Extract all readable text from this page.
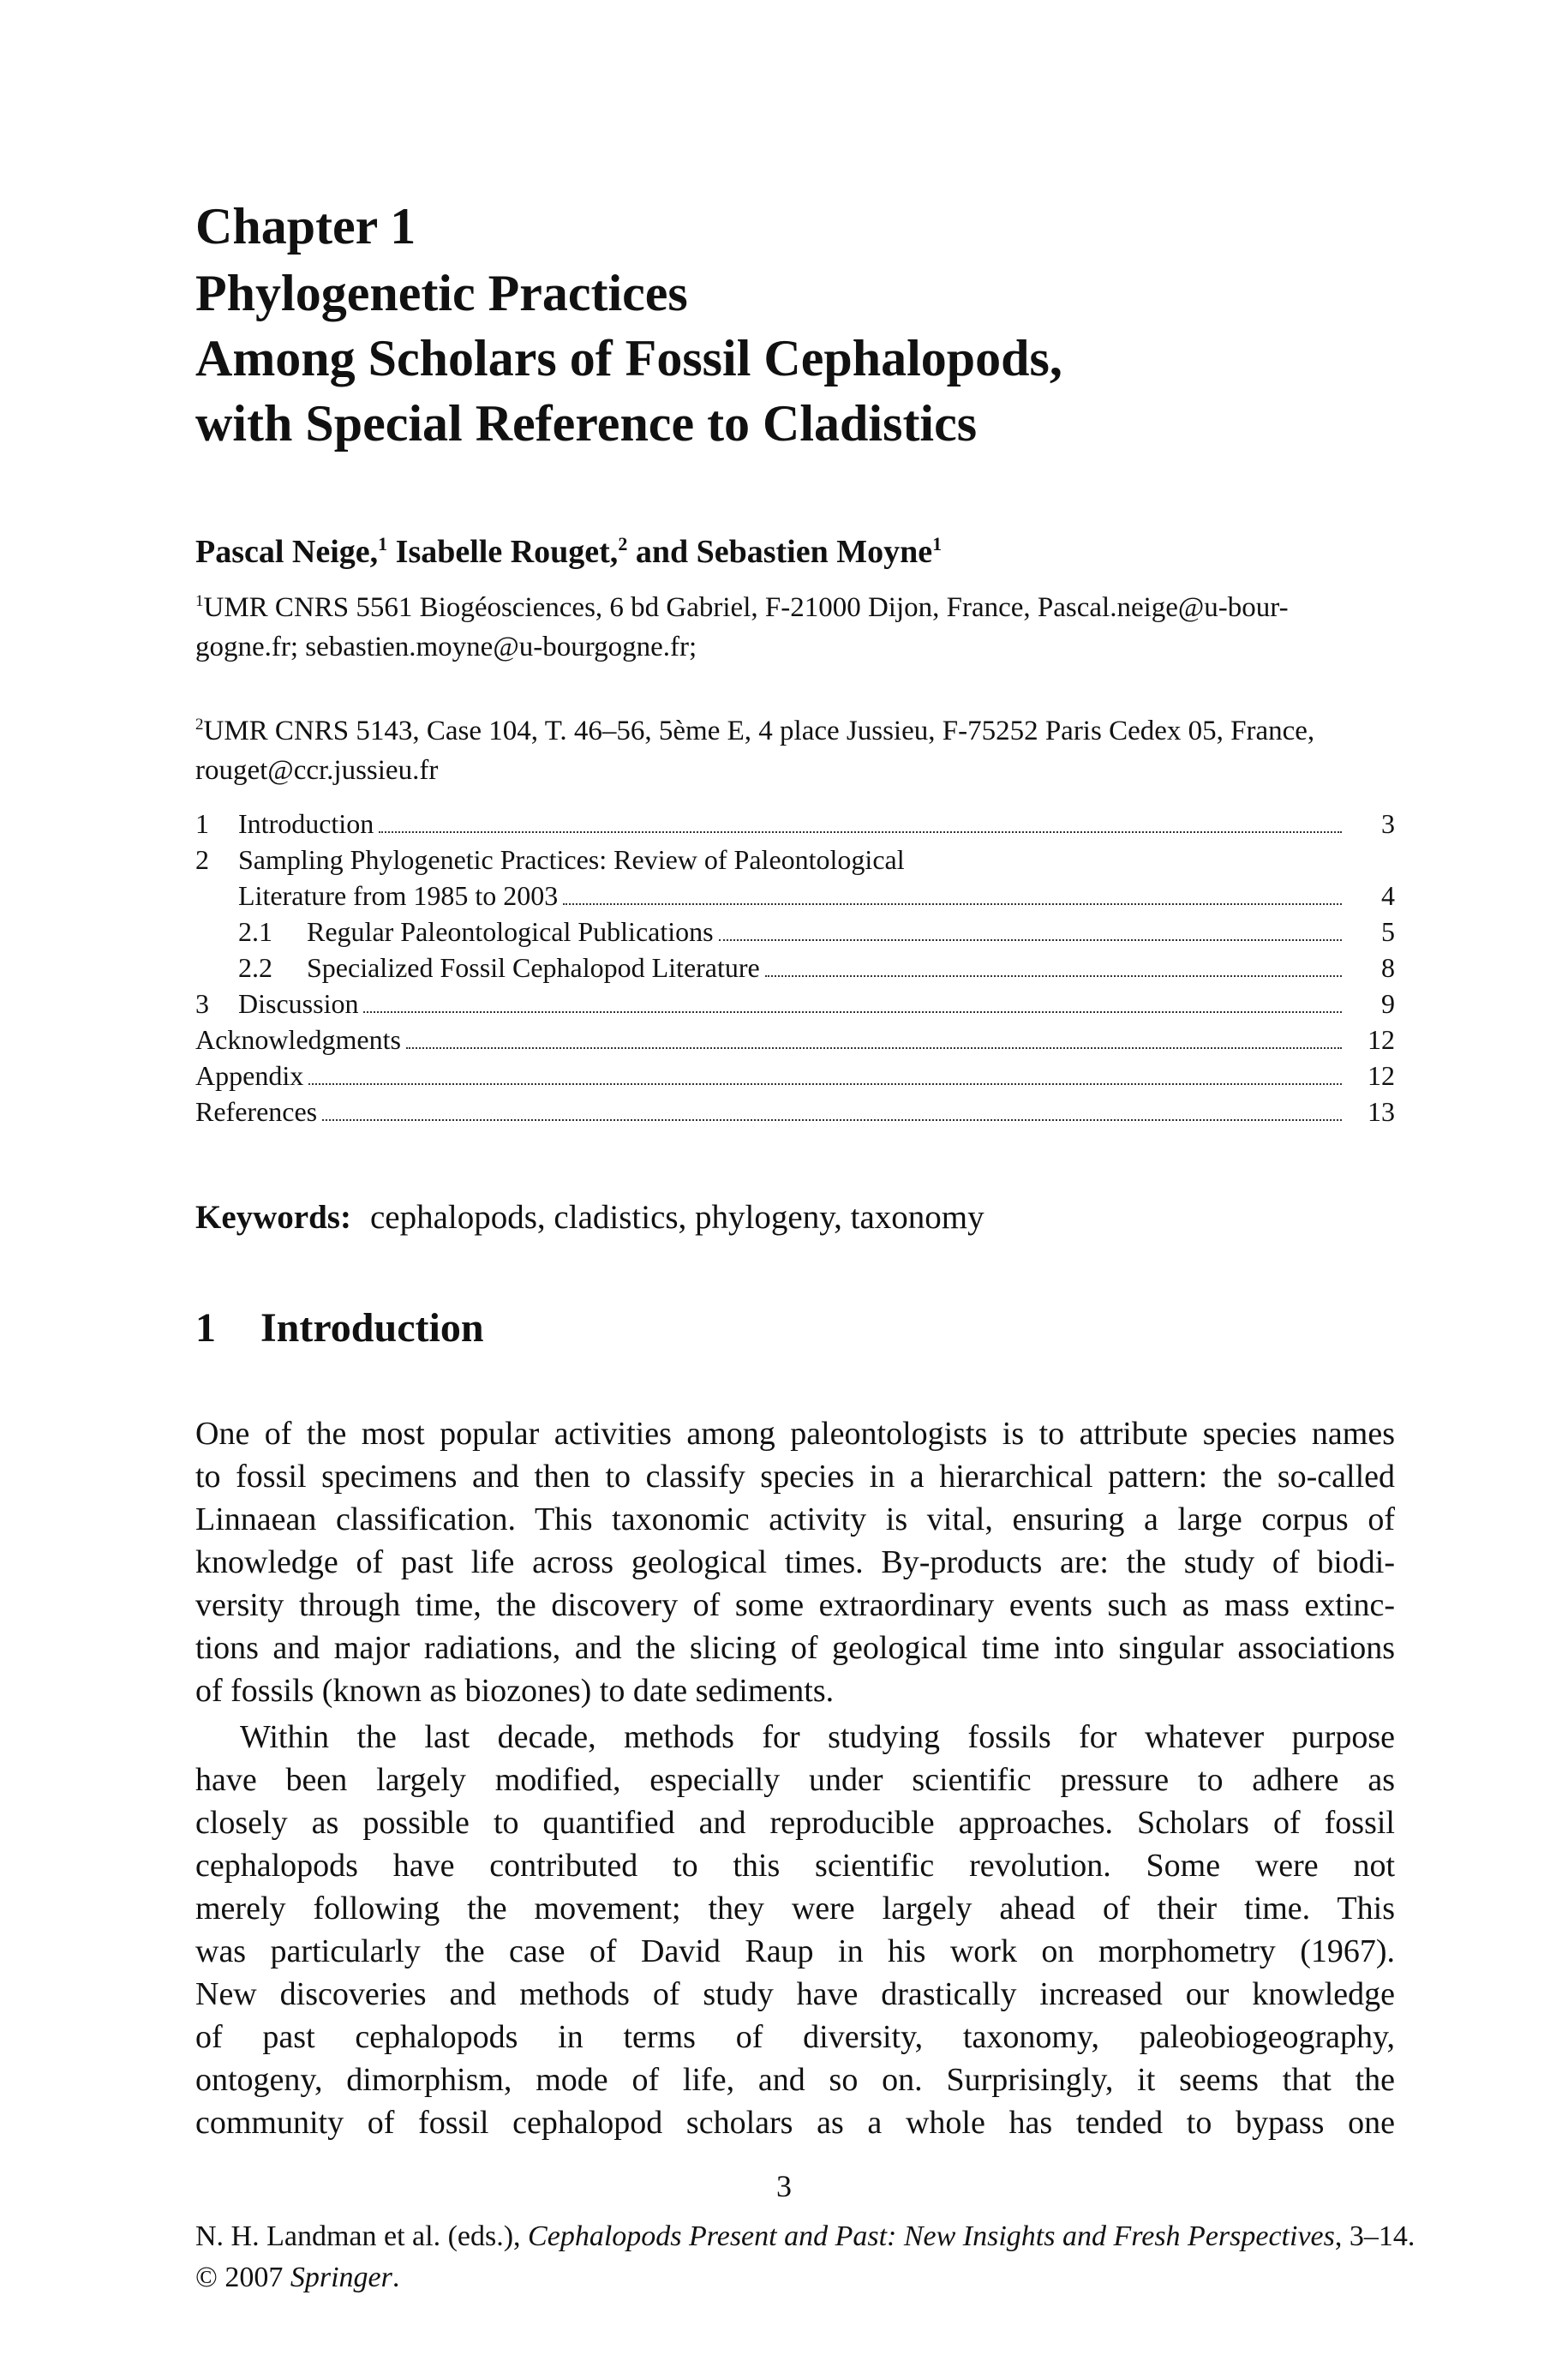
Chapter 1
Phylogenetic Practices
Among Scholars of Fossil Cephalopods,
with Special Reference to Cladistics
Pascal Neige,$^1$ Isabelle Rouget,$^2$ and Sebastien Moyne$^1$
$^1$UMR CNRS 5561 Biogéosciences, 6 bd Gabriel, F-21000 Dijon, France, Pascal.neige@u-bour-
gogne.fr; sebastien.moyne@u-bourgogne.fr;
$^2$UMR CNRS 5143, Case 104, T. 46–56, 5ème E, 4 place Jussieu, F-75252 Paris Cedex 05, France,
rouget@ccr.jussieu.fr
1	Introduction	3
2	Sampling Phylogenetic Practices: Review of Paleontological
Literature from 1985 to 2003	4
2.1	Regular Paleontological Publications	5
2.2	Specialized Fossil Cephalopod Literature	8
3	Discussion	9
Acknowledgments	12
Appendix	12
References	13
Keywords: cephalopods, cladistics, phylogeny, taxonomy
1 Introduction
One of the most popular activities among paleontologists is to attribute species names
to fossil specimens and then to classify species in a hierarchical pattern: the so-called
Linnaean classification. This taxonomic activity is vital, ensuring a large corpus of
knowledge of past life across geological times. By-products are: the study of biodi-
versity through time, the discovery of some extraordinary events such as mass extinc-
tions and major radiations, and the slicing of geological time into singular associations
of fossils (known as biozones) to date sediments.
Within the last decade, methods for studying fossils for whatever purpose
have been largely modified, especially under scientific pressure to adhere as
closely as possible to quantified and reproducible approaches. Scholars of fossil
cephalopods have contributed to this scientific revolution. Some were not
merely following the movement; they were largely ahead of their time. This
was particularly the case of David Raup in his work on morphometry (1967).
New discoveries and methods of study have drastically increased our knowledge
of past cephalopods in terms of diversity, taxonomy, paleobiogeography,
ontogeny, dimorphism, mode of life, and so on. Surprisingly, it seems that the
community of fossil cephalopod scholars as a whole has tended to bypass one
3
N. H. Landman et al. (eds.), Cephalopods Present and Past: New Insights and Fresh Perspectives, 3–14.
© 2007 Springer.
